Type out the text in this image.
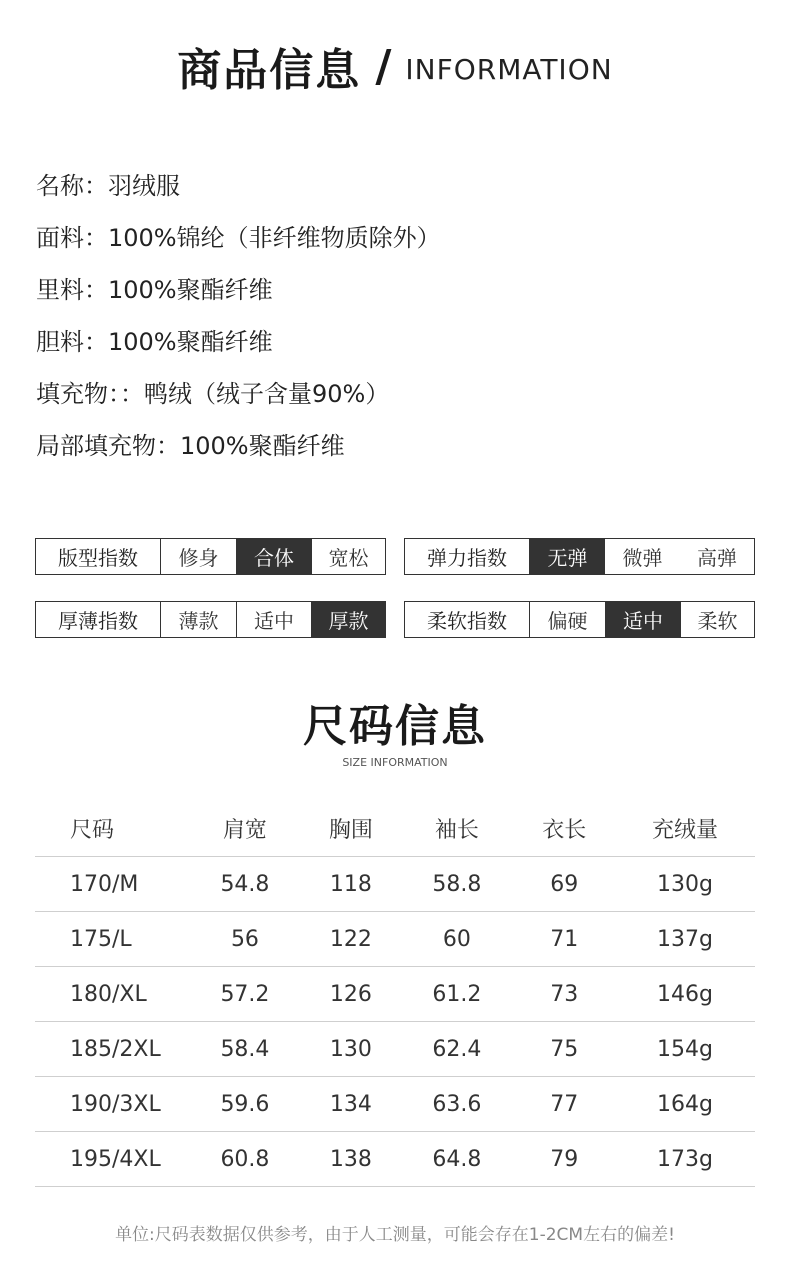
商品信息 / INFORMATION
名称：羽绒服
面料：100%锦纶（非纤维物质除外）
里料：100%聚酯纤维
胆料：100%聚酯纤维
填充物：：鸭绒（绒子含量90%）
局部填充物：100%聚酯纤维
版型指数	修身	合体	宽松	弹力指数	无弹	微弹	高弹
厚薄指数	薄款	适中	厚款	柔软指数	偏硬	适中	柔软
尺码信息
SIZE INFORMATION
尺码	肩宽	胸围	袖长	衣长	充绒量
170/M	54.8	118	58.8	69	130g
175/L	56	122	60	71	137g
180/XL	57.2	126	61.2	73	146g
185/2XL	58.4	130	62.4	75	154g
190/3XL	59.6	134	63.6	77	164g
195/4XL	60.8	138	64.8	79	173g
单位:尺码表数据仅供参考，由于人工测量，可能会存在1-2CM左右的偏差!
